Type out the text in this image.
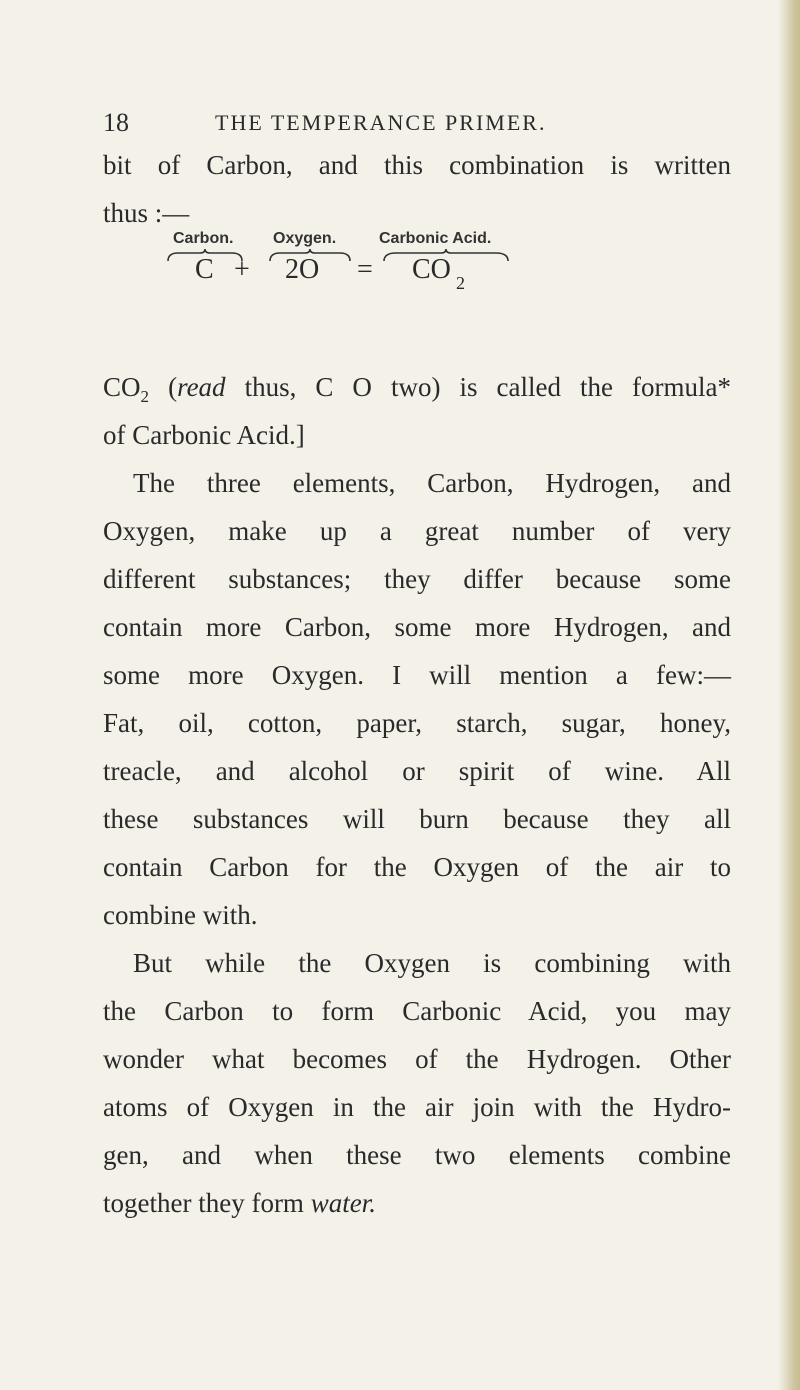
18	THE TEMPERANCE PRIMER.
bit of Carbon, and this combination is written
thus :—
Carbon. Oxygen.	Carbonic Acid.
C + 2O = CO 2
$CO_2$ (read thus, C O two) is called the formula*
of Carbonic Acid.]
The three elements, Carbon, Hydrogen, and
Oxygen, make up a great number of very
different substances; they differ because some
contain more Carbon, some more Hydrogen, and
some more Oxygen. I will mention a few:—
Fat, oil, cotton, paper, starch, sugar, honey,
treacle, and alcohol or spirit of wine. All
these substances will burn because they all
contain Carbon for the Oxygen of the air to
combine with.
But while the Oxygen is combining with
the Carbon to form Carbonic Acid, you may
wonder what becomes of the Hydrogen. Other
atoms of Oxygen in the air join with the Hydro-
gen, and when these two elements combine
together they form water.
